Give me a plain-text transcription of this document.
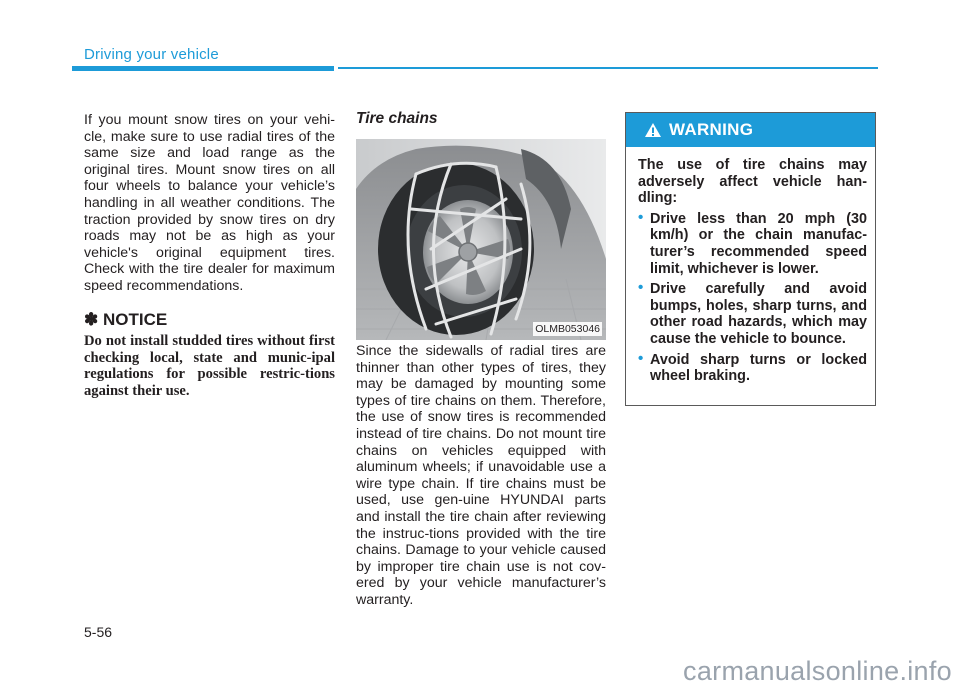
Driving your vehicle

If you mount snow tires on your vehi-cle, make sure to use radial tires of the same size and load range as the original tires. Mount snow tires on all four wheels to balance your vehicle’s handling in all weather conditions. The traction provided by snow tires on dry roads may not be as high as your vehicle's original equipment tires. Check with the tire dealer for maximum speed recommendations.

✽ NOTICE

Do not install studded tires without first checking local, state and munic-ipal regulations for possible restric-tions against their use.

Tire chains
OLMB053046

Since the sidewalls of radial tires are thinner than other types of tires, they may be damaged by mounting some types of tire chains on them. Therefore, the use of snow tires is recommended instead of tire chains. Do not mount tire chains on vehicles equipped with aluminum wheels; if unavoidable use a wire type chain. If tire chains must be used, use gen-uine HYUNDAI parts and install the tire chain after reviewing the instruc-tions provided with the tire chains. Damage to your vehicle caused by improper tire chain use is not cov-ered by your vehicle manufacturer’s warranty.

WARNING
The use of tire chains may adversely affect vehicle han-dling:
• Drive less than 20 mph (30 km/h) or the chain manufac-turer’s recommended speed limit, whichever is lower.
• Drive carefully and avoid bumps, holes, sharp turns, and other road hazards, which may cause the vehicle to bounce.
• Avoid sharp turns or locked wheel braking.
5-56
carmanualsonline.info
